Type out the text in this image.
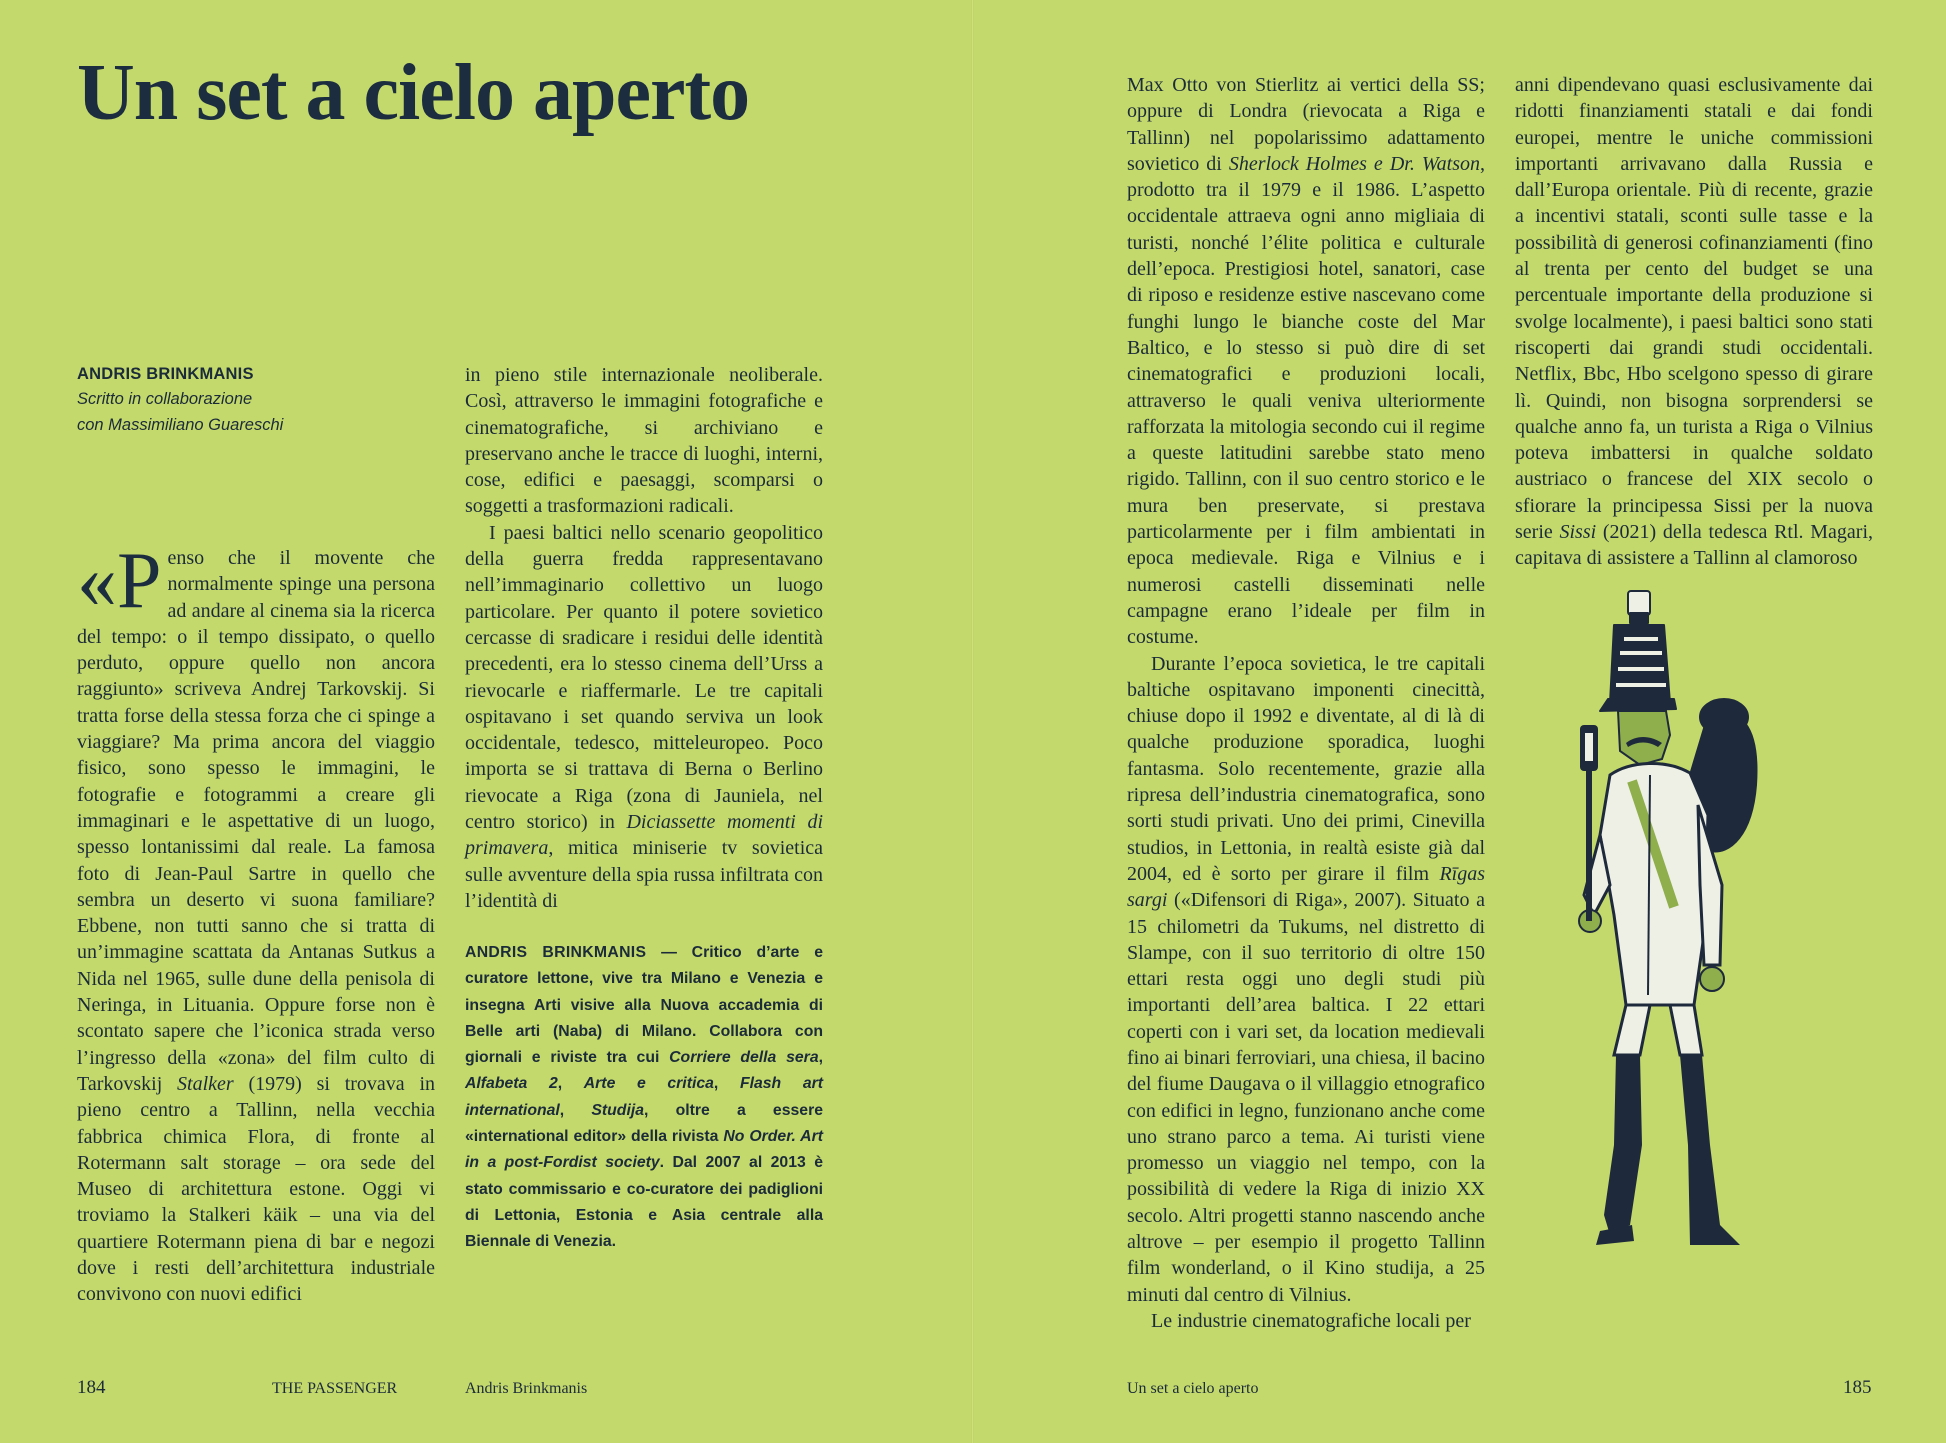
Un set a cielo aperto
ANDRIS BRINKMANIS
Scritto in collaborazione
con Massimiliano Guareschi

«Penso che il movente che normalmente spinge una persona ad andare al cinema sia la ricerca del tempo: o il tempo dissipato, o quello perduto, oppure quello non ancora raggiunto» scriveva Andrej Tarkovskij. Si tratta forse della stessa forza che ci spinge a viaggiare? Ma prima ancora del viaggio fisico, sono spesso le immagini, le fotografie e fotogrammi a creare gli immaginari e le aspettative di un luogo, spesso lontanissimi dal reale. La famosa foto di Jean-Paul Sartre in quello che sembra un deserto vi suona familiare? Ebbene, non tutti sanno che si tratta di un’immagine scattata da Antanas Sutkus a Nida nel 1965, sulle dune della penisola di Neringa, in Lituania. Oppure forse non è scontato sapere che l’iconica strada verso l’ingresso della «zona» del film culto di Tarkovskij Stalker (1979) si trovava in pieno centro a Tallinn, nella vecchia fabbrica chimica Flora, di fronte al Rotermann salt storage – ora sede del Museo di architettura estone. Oggi vi troviamo la Stalkeri käik – una via del quartiere Rotermann piena di bar e negozi dove i resti dell’architettura industriale convivono con nuovi edifici

in pieno stile internazionale neoliberale. Così, attraverso le immagini fotografiche e cinematografiche, si archiviano e preservano anche le tracce di luoghi, interni, cose, edifici e paesaggi, scomparsi o soggetti a trasformazioni radicali.

I paesi baltici nello scenario geopolitico della guerra fredda rappresentavano nell’immaginario collettivo un luogo particolare. Per quanto il potere sovietico cercasse di sradicare i residui delle identità precedenti, era lo stesso cinema dell’Urss a rievocarle e riaffermarle. Le tre capitali ospitavano i set quando serviva un look occidentale, tedesco, mitteleuropeo. Poco importa se si trattava di Berna o Berlino rievocate a Riga (zona di Jauniela, nel centro storico) in Diciassette momenti di primavera, mitica miniserie tv sovietica sulle avventure della spia russa infiltrata con l’identità di

ANDRIS BRINKMANIS — Critico d’arte e curatore lettone, vive tra Milano e Venezia e insegna Arti visive alla Nuova accademia di Belle arti (Naba) di Milano. Collabora con giornali e riviste tra cui Corriere della sera, Alfabeta 2, Arte e critica, Flash art international, Studija, oltre a essere «international editor» della rivista No Order. Art in a post-Fordist society. Dal 2007 al 2013 è stato commissario e co-curatore dei padiglioni di Lettonia, Estonia e Asia centrale alla Biennale di Venezia.

184	THE PASSENGER	Andris Brinkmanis

Max Otto von Stierlitz ai vertici della SS; oppure di Londra (rievocata a Riga e Tallinn) nel popolarissimo adattamento sovietico di Sherlock Holmes e Dr. Watson, prodotto tra il 1979 e il 1986. L’aspetto occidentale attraeva ogni anno migliaia di turisti, nonché l’élite politica e culturale dell’epoca. Prestigiosi hotel, sanatori, case di riposo e residenze estive nascevano come funghi lungo le bianche coste del Mar Baltico, e lo stesso si può dire di set cinematografici e produzioni locali, attraverso le quali veniva ulteriormente rafforzata la mitologia secondo cui il regime a queste latitudini sarebbe stato meno rigido. Tallinn, con il suo centro storico e le mura ben preservate, si prestava particolarmente per i film ambientati in epoca medievale. Riga e Vilnius e i numerosi castelli disseminati nelle campagne erano l’ideale per film in costume.

Durante l’epoca sovietica, le tre capitali baltiche ospitavano imponenti cinecittà, chiuse dopo il 1992 e diventate, al di là di qualche produzione sporadica, luoghi fantasma. Solo recentemente, grazie alla ripresa dell’industria cinematografica, sono sorti studi privati. Uno dei primi, Cinevilla studios, in Lettonia, in realtà esiste già dal 2004, ed è sorto per girare il film Rīgas sargi («Difensori di Riga», 2007). Situato a 15 chilometri da Tukums, nel distretto di Slampe, con il suo territorio di oltre 150 ettari resta oggi uno degli studi più importanti dell’area baltica. I 22 ettari coperti con i vari set, da location medievali fino ai binari ferroviari, una chiesa, il bacino del fiume Daugava o il villaggio etnografico con edifici in legno, funzionano anche come uno strano parco a tema. Ai turisti viene promesso un viaggio nel tempo, con la possibilità di vedere la Riga di inizio XX secolo. Altri progetti stanno nascendo anche altrove – per esempio il progetto Tallinn film wonderland, o il Kino studija, a 25 minuti dal centro di Vilnius.

Le industrie cinematografiche locali per

anni dipendevano quasi esclusivamente dai ridotti finanziamenti statali e dai fondi europei, mentre le uniche commissioni importanti arrivavano dalla Russia e dall’Europa orientale. Più di recente, grazie a incentivi statali, sconti sulle tasse e la possibilità di generosi cofinanziamenti (fino al trenta per cento del budget se una percentuale importante della produzione si svolge localmente), i paesi baltici sono stati riscoperti dai grandi studi occidentali. Netflix, Bbc, Hbo scelgono spesso di girare lì. Quindi, non bisogna sorprendersi se qualche anno fa, un turista a Riga o Vilnius poteva imbattersi in qualche soldato austriaco o francese del XIX secolo o sfiorare la principessa Sissi per la nuova serie Sissi (2021) della tedesca Rtl. Magari, capitava di assistere a Tallinn al clamoroso

Un set a cielo aperto	185
